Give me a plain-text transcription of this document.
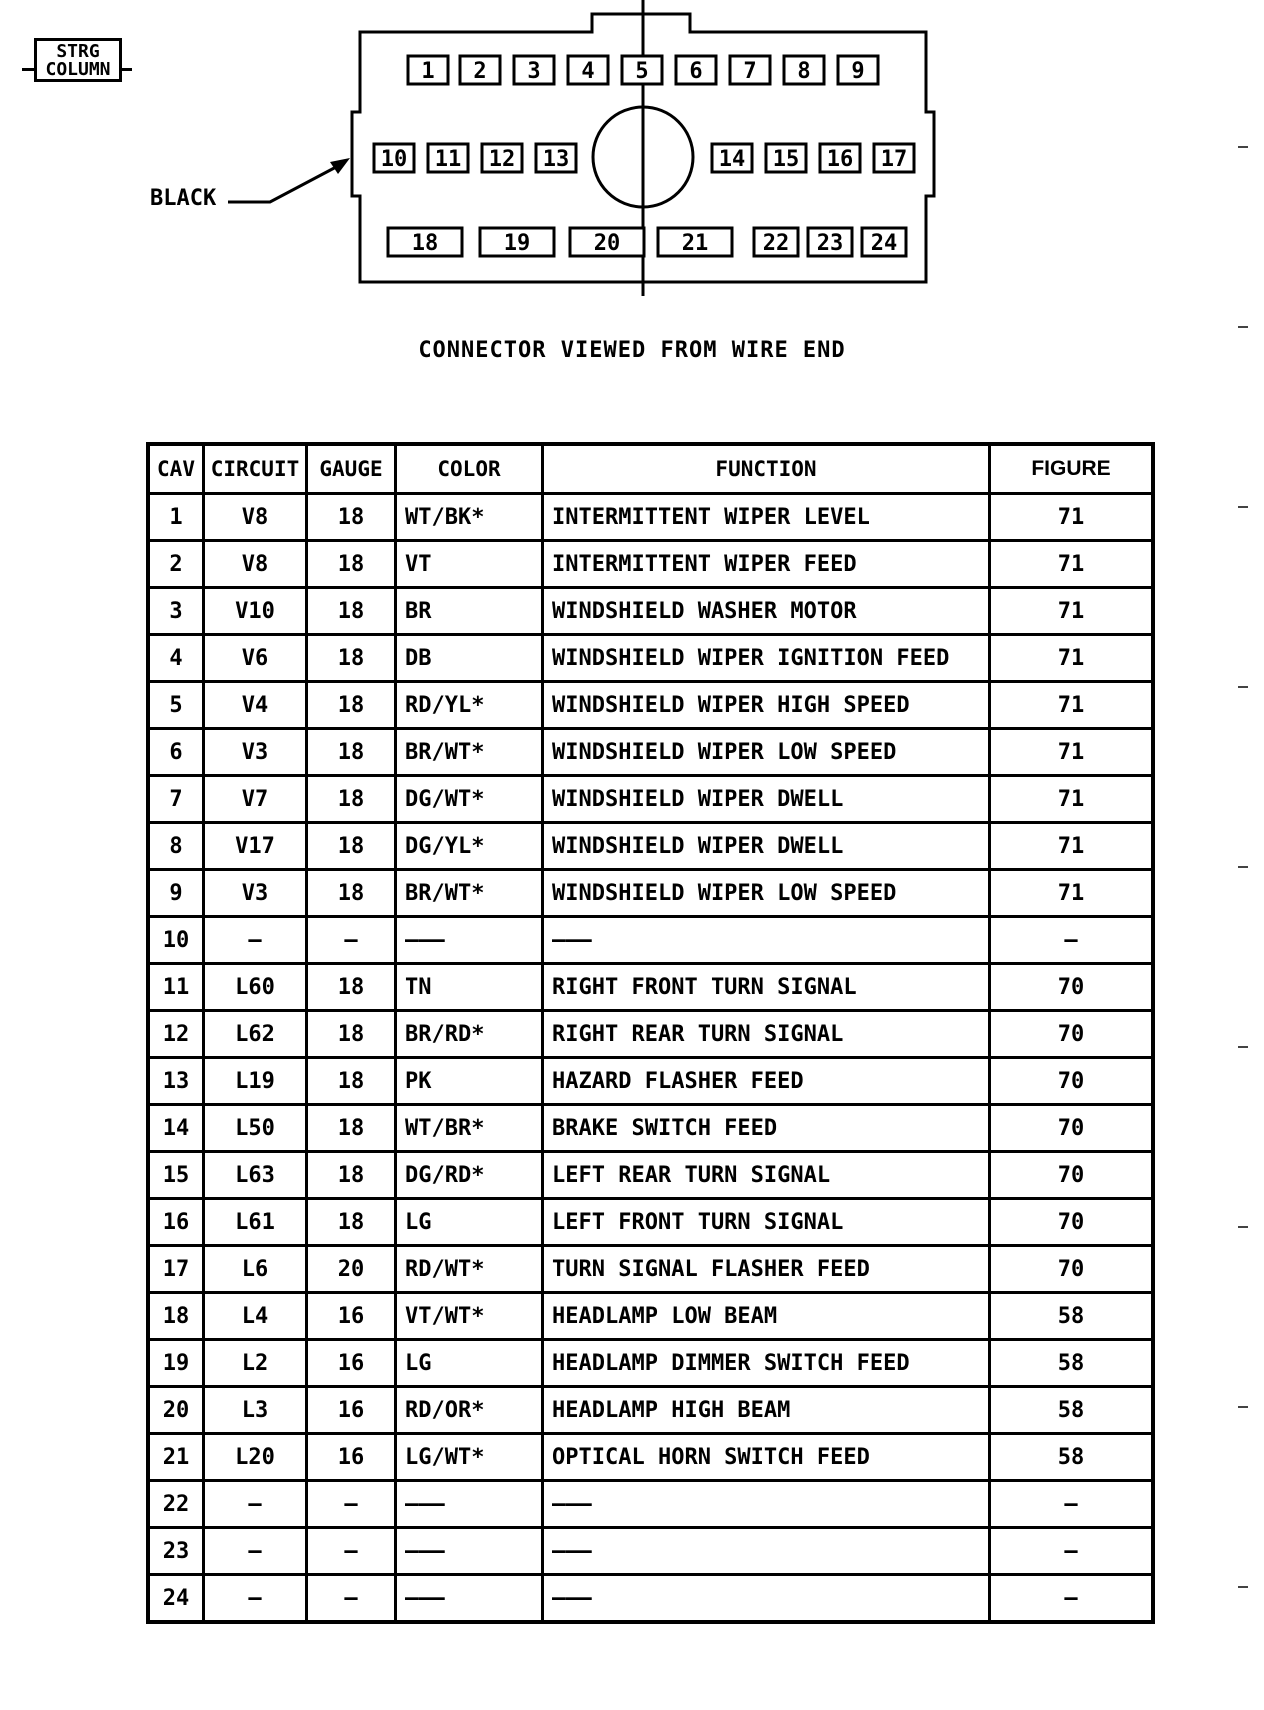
STRG
COLUMN	1 2 3 4 5 6 7 8 9
10 11 12 13	14 15 16 17
18	19	20	21 22 23 24
BLACK
CONNECTOR VIEWED FROM WIRE END
CAV	CIRCUIT	GAUGE	COLOR	FUNCTION	FIGURE
1	V8	18	WT/BK*	INTERMITTENT WIPER LEVEL	71
2	V8	18	VT	INTERMITTENT WIPER FEED	71
3	V10	18	BR	WINDSHIELD WASHER MOTOR	71
4	V6	18	DB	WINDSHIELD WIPER IGNITION FEED	71
5	V4	18	RD/YL*	WINDSHIELD WIPER HIGH SPEED	71
6	V3	18	BR/WT*	WINDSHIELD WIPER LOW SPEED	71
7	V7	18	DG/WT*	WINDSHIELD WIPER DWELL	71
8	V17	18	DG/YL*	WINDSHIELD WIPER DWELL	71
9	V3	18	BR/WT*	WINDSHIELD WIPER LOW SPEED	71
10	—	—	———	———	—
11	L60	18	TN	RIGHT FRONT TURN SIGNAL	70
12	L62	18	BR/RD*	RIGHT REAR TURN SIGNAL	70
13	L19	18	PK	HAZARD FLASHER FEED	70
14	L50	18	WT/BR*	BRAKE SWITCH FEED	70
15	L63	18	DG/RD*	LEFT REAR TURN SIGNAL	70
16	L61	18	LG	LEFT FRONT TURN SIGNAL	70
17	L6	20	RD/WT*	TURN SIGNAL FLASHER FEED	70
18	L4	16	VT/WT*	HEADLAMP LOW BEAM	58
19	L2	16	LG	HEADLAMP DIMMER SWITCH FEED	58
20	L3	16	RD/OR*	HEADLAMP HIGH BEAM	58
21	L20	16	LG/WT*	OPTICAL HORN SWITCH FEED	58
22	—	—	———	———	—
23	—	—	———	———	—
24	—	—	———	———	—
